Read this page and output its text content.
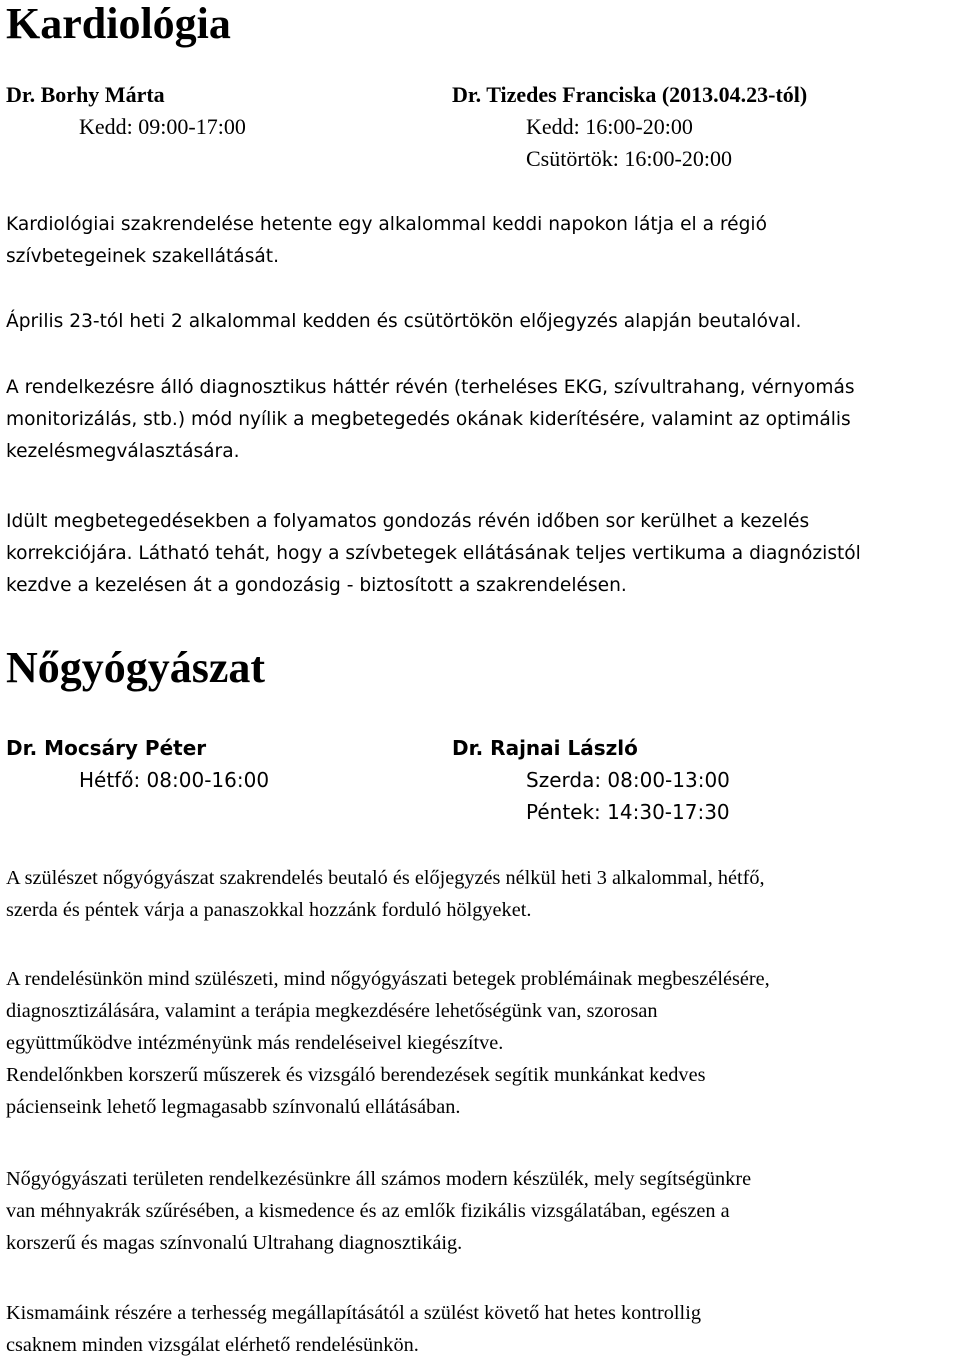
Kardiológia
Dr. Borhy Márta
Kedd: 09:00-17:00
Dr. Tizedes Franciska (2013.04.23-tól)
Kedd: 16:00-20:00
Csütörtök: 16:00-20:00

Kardiológiai szakrendelése hetente egy alkalommal keddi napokon látja el a régió
szívbetegeinek szakellátását.

Április 23-tól heti 2 alkalommal kedden és csütörtökön előjegyzés alapján beutalóval.

A rendelkezésre álló diagnosztikus háttér révén (terheléses EKG, szívultrahang, vérnyomás
monitorizálás, stb.) mód nyílik a megbetegedés okának kiderítésére, valamint az optimális
kezelésmegválasztására.

Idült megbetegedésekben a folyamatos gondozás révén időben sor kerülhet a kezelés
korrekciójára. Látható tehát, hogy a szívbetegek ellátásának teljes vertikuma a diagnózistól
kezdve a kezelésen át a gondozásig - biztosított a szakrendelésen.

Nőgyógyászat
Dr. Mocsáry Péter
Hétfő: 08:00-16:00
Dr. Rajnai László
Szerda: 08:00-13:00
Péntek: 14:30-17:30

A szülészet nőgyógyászat szakrendelés beutaló és előjegyzés nélkül heti 3 alkalommal, hétfő,
szerda és péntek várja a panaszokkal hozzánk forduló hölgyeket.

A rendelésünkön mind szülészeti, mind nőgyógyászati betegek problémáinak megbeszélésére,
diagnosztizálására, valamint a terápia megkezdésére lehetőségünk van, szorosan
együttműködve intézményünk más rendeléseivel kiegészítve.
Rendelőnkben korszerű műszerek és vizsgáló berendezések segítik munkánkat kedves
pácienseink lehető legmagasabb színvonalú ellátásában.

Nőgyógyászati területen rendelkezésünkre áll számos modern készülék, mely segítségünkre
van méhnyakrák szűrésében, a kismedence és az emlők fizikális vizsgálatában, egészen a
korszerű és magas színvonalú Ultrahang diagnosztikáig.

Kismamáink részére a terhesség megállapításától a szülést követő hat hetes kontrollig
csaknem minden vizsgálat elérhető rendelésünkön.
